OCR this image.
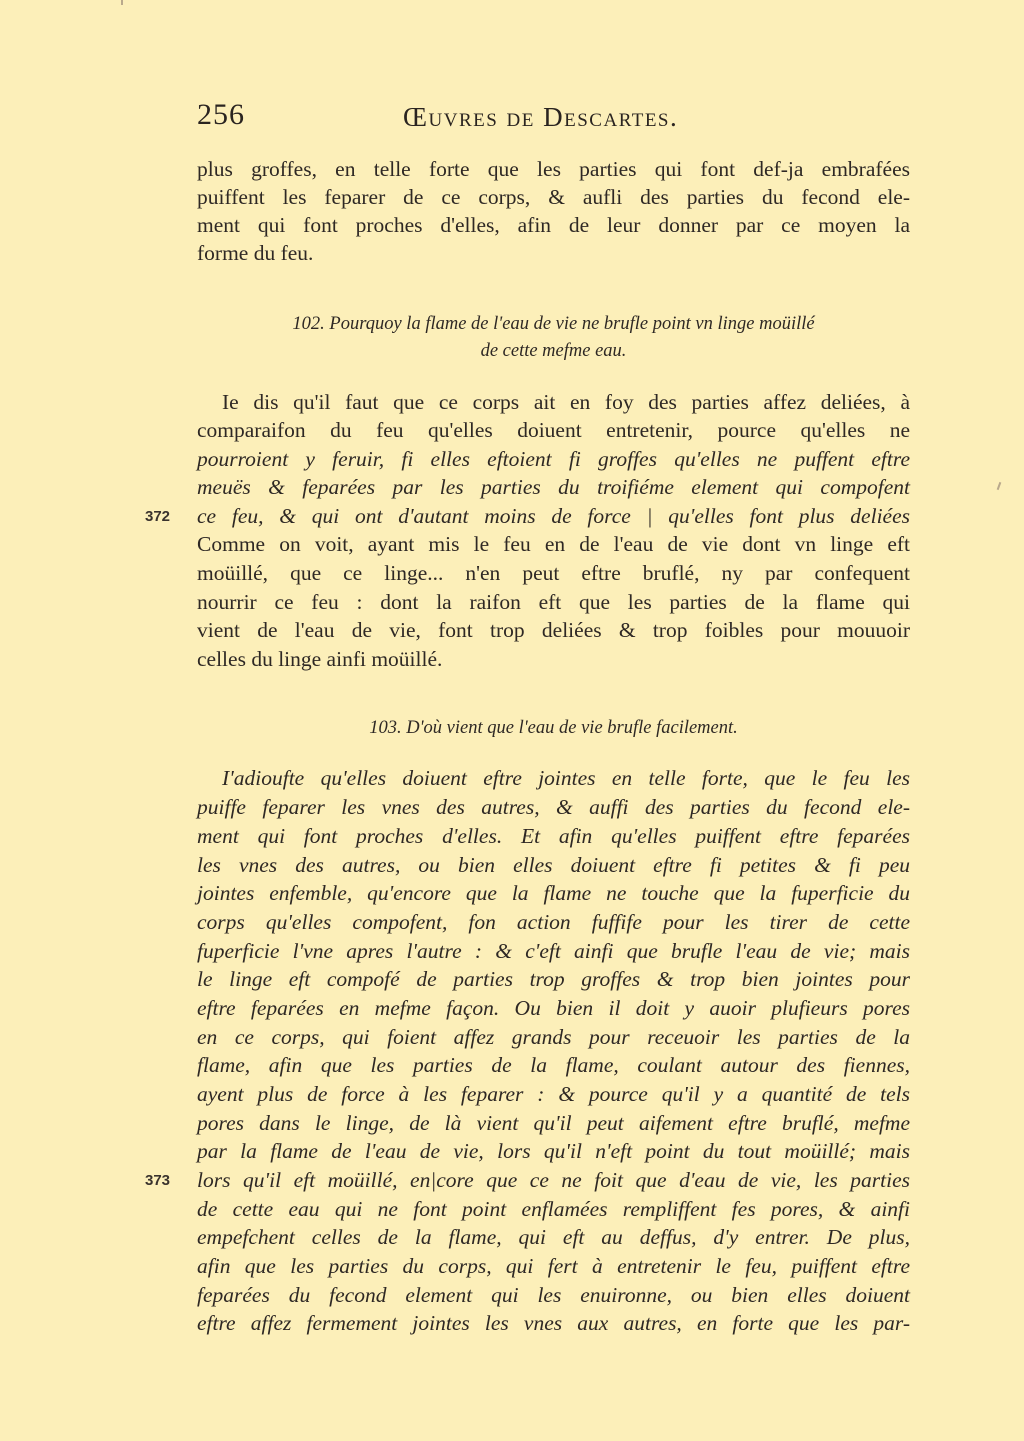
256	Œuvres de Descartes.
plus groffes, en telle forte que les parties qui font def-ja embrafées
puiffent les feparer de ce corps, & aufli des parties du fecond ele-
ment qui font proches d'elles, afin de leur donner par ce moyen la
forme du feu.
102. Pourquoy la flame de l'eau de vie ne brufle point vn linge moüillé
de cette mefme eau.
Ie dis qu'il faut que ce corps ait en foy des parties affez deliées, à
comparaifon du feu qu'elles doiuent entretenir, pource qu'elles ne
pourroient y feruir, fi elles eftoient fi groffes qu'elles ne puffent eftre
meuës & feparées par les parties du troifiéme element qui compofent
ce feu, & qui ont d'autant moins de force | qu'elles font plus deliées
Comme on voit, ayant mis le feu en de l'eau de vie dont vn linge eft
moüillé, que ce linge... n'en peut eftre bruflé, ny par confequent
nourrir ce feu : dont la raifon eft que les parties de la flame qui
vient de l'eau de vie, font trop deliées & trop foibles pour mouuoir
celles du linge ainfi moüillé.
372
103. D'où vient que l'eau de vie brufle facilement.
I'adioufte qu'elles doiuent eftre jointes en telle forte, que le feu les
puiffe feparer les vnes des autres, & auffi des parties du fecond ele-
ment qui font proches d'elles. Et afin qu'elles puiffent eftre feparées
les vnes des autres, ou bien elles doiuent eftre fi petites & fi peu
jointes enfemble, qu'encore que la flame ne touche que la fuperficie du
corps qu'elles compofent, fon action fuffife pour les tirer de cette
fuperficie l'vne apres l'autre : & c'eft ainfi que brufle l'eau de vie; mais
le linge eft compofé de parties trop groffes & trop bien jointes pour
eftre feparées en mefme façon. Ou bien il doit y auoir plufieurs pores
en ce corps, qui foient affez grands pour receuoir les parties de la
flame, afin que les parties de la flame, coulant autour des fiennes,
ayent plus de force à les feparer : & pource qu'il y a quantité de tels
pores dans le linge, de là vient qu'il peut aifement eftre bruflé, mefme
par la flame de l'eau de vie, lors qu'il n'eft point du tout moüillé; mais
lors qu'il eft moüillé, en|core que ce ne foit que d'eau de vie, les parties
de cette eau qui ne font point enflamées rempliffent fes pores, & ainfi
empefchent celles de la flame, qui eft au deffus, d'y entrer. De plus,
afin que les parties du corps, qui fert à entretenir le feu, puiffent eftre
feparées du fecond element qui les enuironne, ou bien elles doiuent
eftre affez fermement jointes les vnes aux autres, en forte que les par-
373
